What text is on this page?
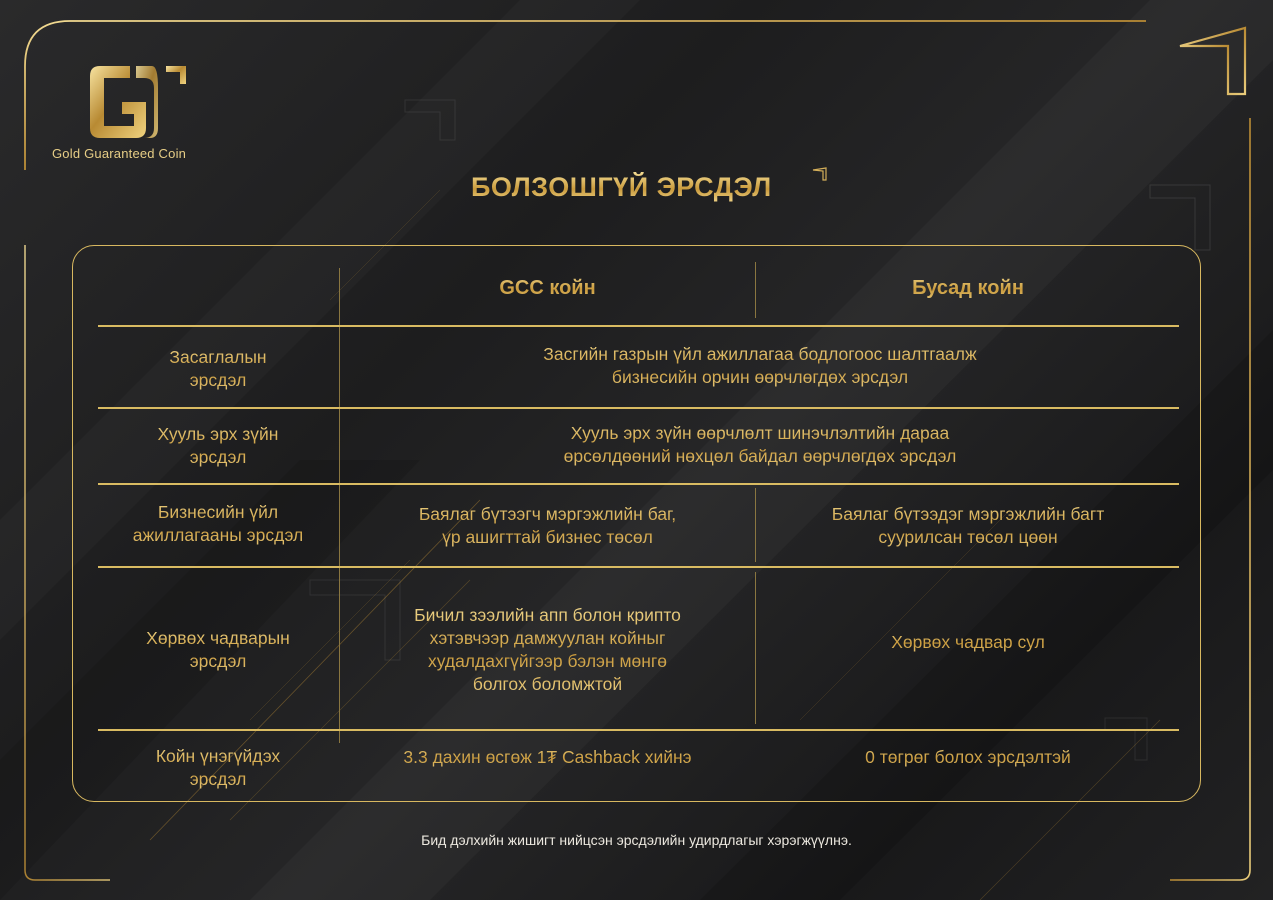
Gold Guaranteed Coin
БОЛЗОШГҮЙ ЭРСДЭЛ
GCC койн	Бусад койн
Засаглалын
эрсдэл
Засгийн газрын үйл ажиллагаа бодлогоос шалтгаалж
бизнесийн орчин өөрчлөгдөх эрсдэл
Хууль эрх зүйн
эрсдэл
Хууль эрх зүйн өөрчлөлт шинэчлэлтийн дараа
өрсөлдөөний нөхцөл байдал өөрчлөгдөх эрсдэл
Бизнесийн үйл
ажиллагааны эрсдэл
Баялаг бүтээгч мэргэжлийн баг,
үр ашигттай бизнес төсөл
Баялаг бүтээдэг мэргэжлийн багт
суурилсан төсөл цөөн
Хөрвөх чадварын
эрсдэл
Бичил зээлийн апп болон крипто
хэтэвчээр дамжуулан койныг
худалдахгүйгээр бэлэн мөнгө
болгох боломжтой
Хөрвөх чадвар сул
Койн үнэгүйдэх
эрсдэл
3.3 дахин өсгөж 1₮ Cashback хийнэ	0 төгрөг болох эрсдэлтэй
Бид дэлхийн жишигт нийцсэн эрсдэлийн удирдлагыг хэрэгжүүлнэ.
